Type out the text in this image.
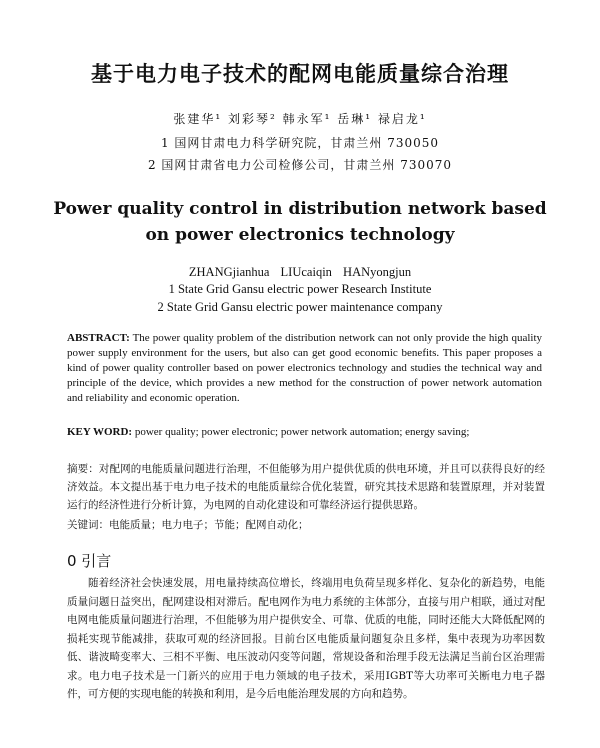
基于电力电子技术的配网电能质量综合治理
张建华¹ 刘彩琴² 韩永军¹ 岳琳¹ 禄启龙¹
1 国网甘肃电力科学研究院，甘肃兰州 730050
2 国网甘肃省电力公司检修公司，甘肃兰州 730070
Power quality control in distribution network based on power electronics technology
ZHANGjianhua LIUcaiqin HANyongjun
1 State Grid Gansu electric power Research Institute
2 State Grid Gansu electric power maintenance company
ABSTRACT: The power quality problem of the distribution network can not only provide the high quality power supply environment for the users, but also can get good economic benefits. This paper proposes a kind of power quality controller based on power electronics technology and studies the technical way and principle of the device, which provides a new method for the construction of power network automation and reliability and economic operation.
KEY WORD: power quality; power electronic; power network automation; energy saving;
摘要：对配网的电能质量问题进行治理，不但能够为用户提供优质的供电环境，并且可以获得良好的经济效益。本文提出基于电力电子技术的电能质量综合优化装置，研究其技术思路和装置原理，并对装置运行的经济性进行分析计算，为电网的自动化建设和可靠经济运行提供思路。
关键词：电能质量；电力电子；节能；配网自动化；
0 引言
随着经济社会快速发展，用电量持续高位增长，终端用电负荷呈现多样化、复杂化的新趋势，电能质量问题日益突出，配网建设相对滞后。配电网作为电力系统的主体部分，直接与用户相联，通过对配电网电能质量问题进行治理，不但能够为用户提供安全、可靠、优质的电能，同时还能大大降低配网的损耗实现节能减排，获取可观的经济回报。目前台区电能质量问题复杂且多样，集中表现为功率因数低、谐波畸变率大、三相不平衡、电压波动闪变等问题，常规设备和治理手段无法满足当前台区治理需求。电力电子技术是一门新兴的应用于电力领域的电子技术，采用IGBT等大功率可关断电力电子器件，可方便的实现电能的转换和利用，是今后电能治理发展的方向和趋势。
